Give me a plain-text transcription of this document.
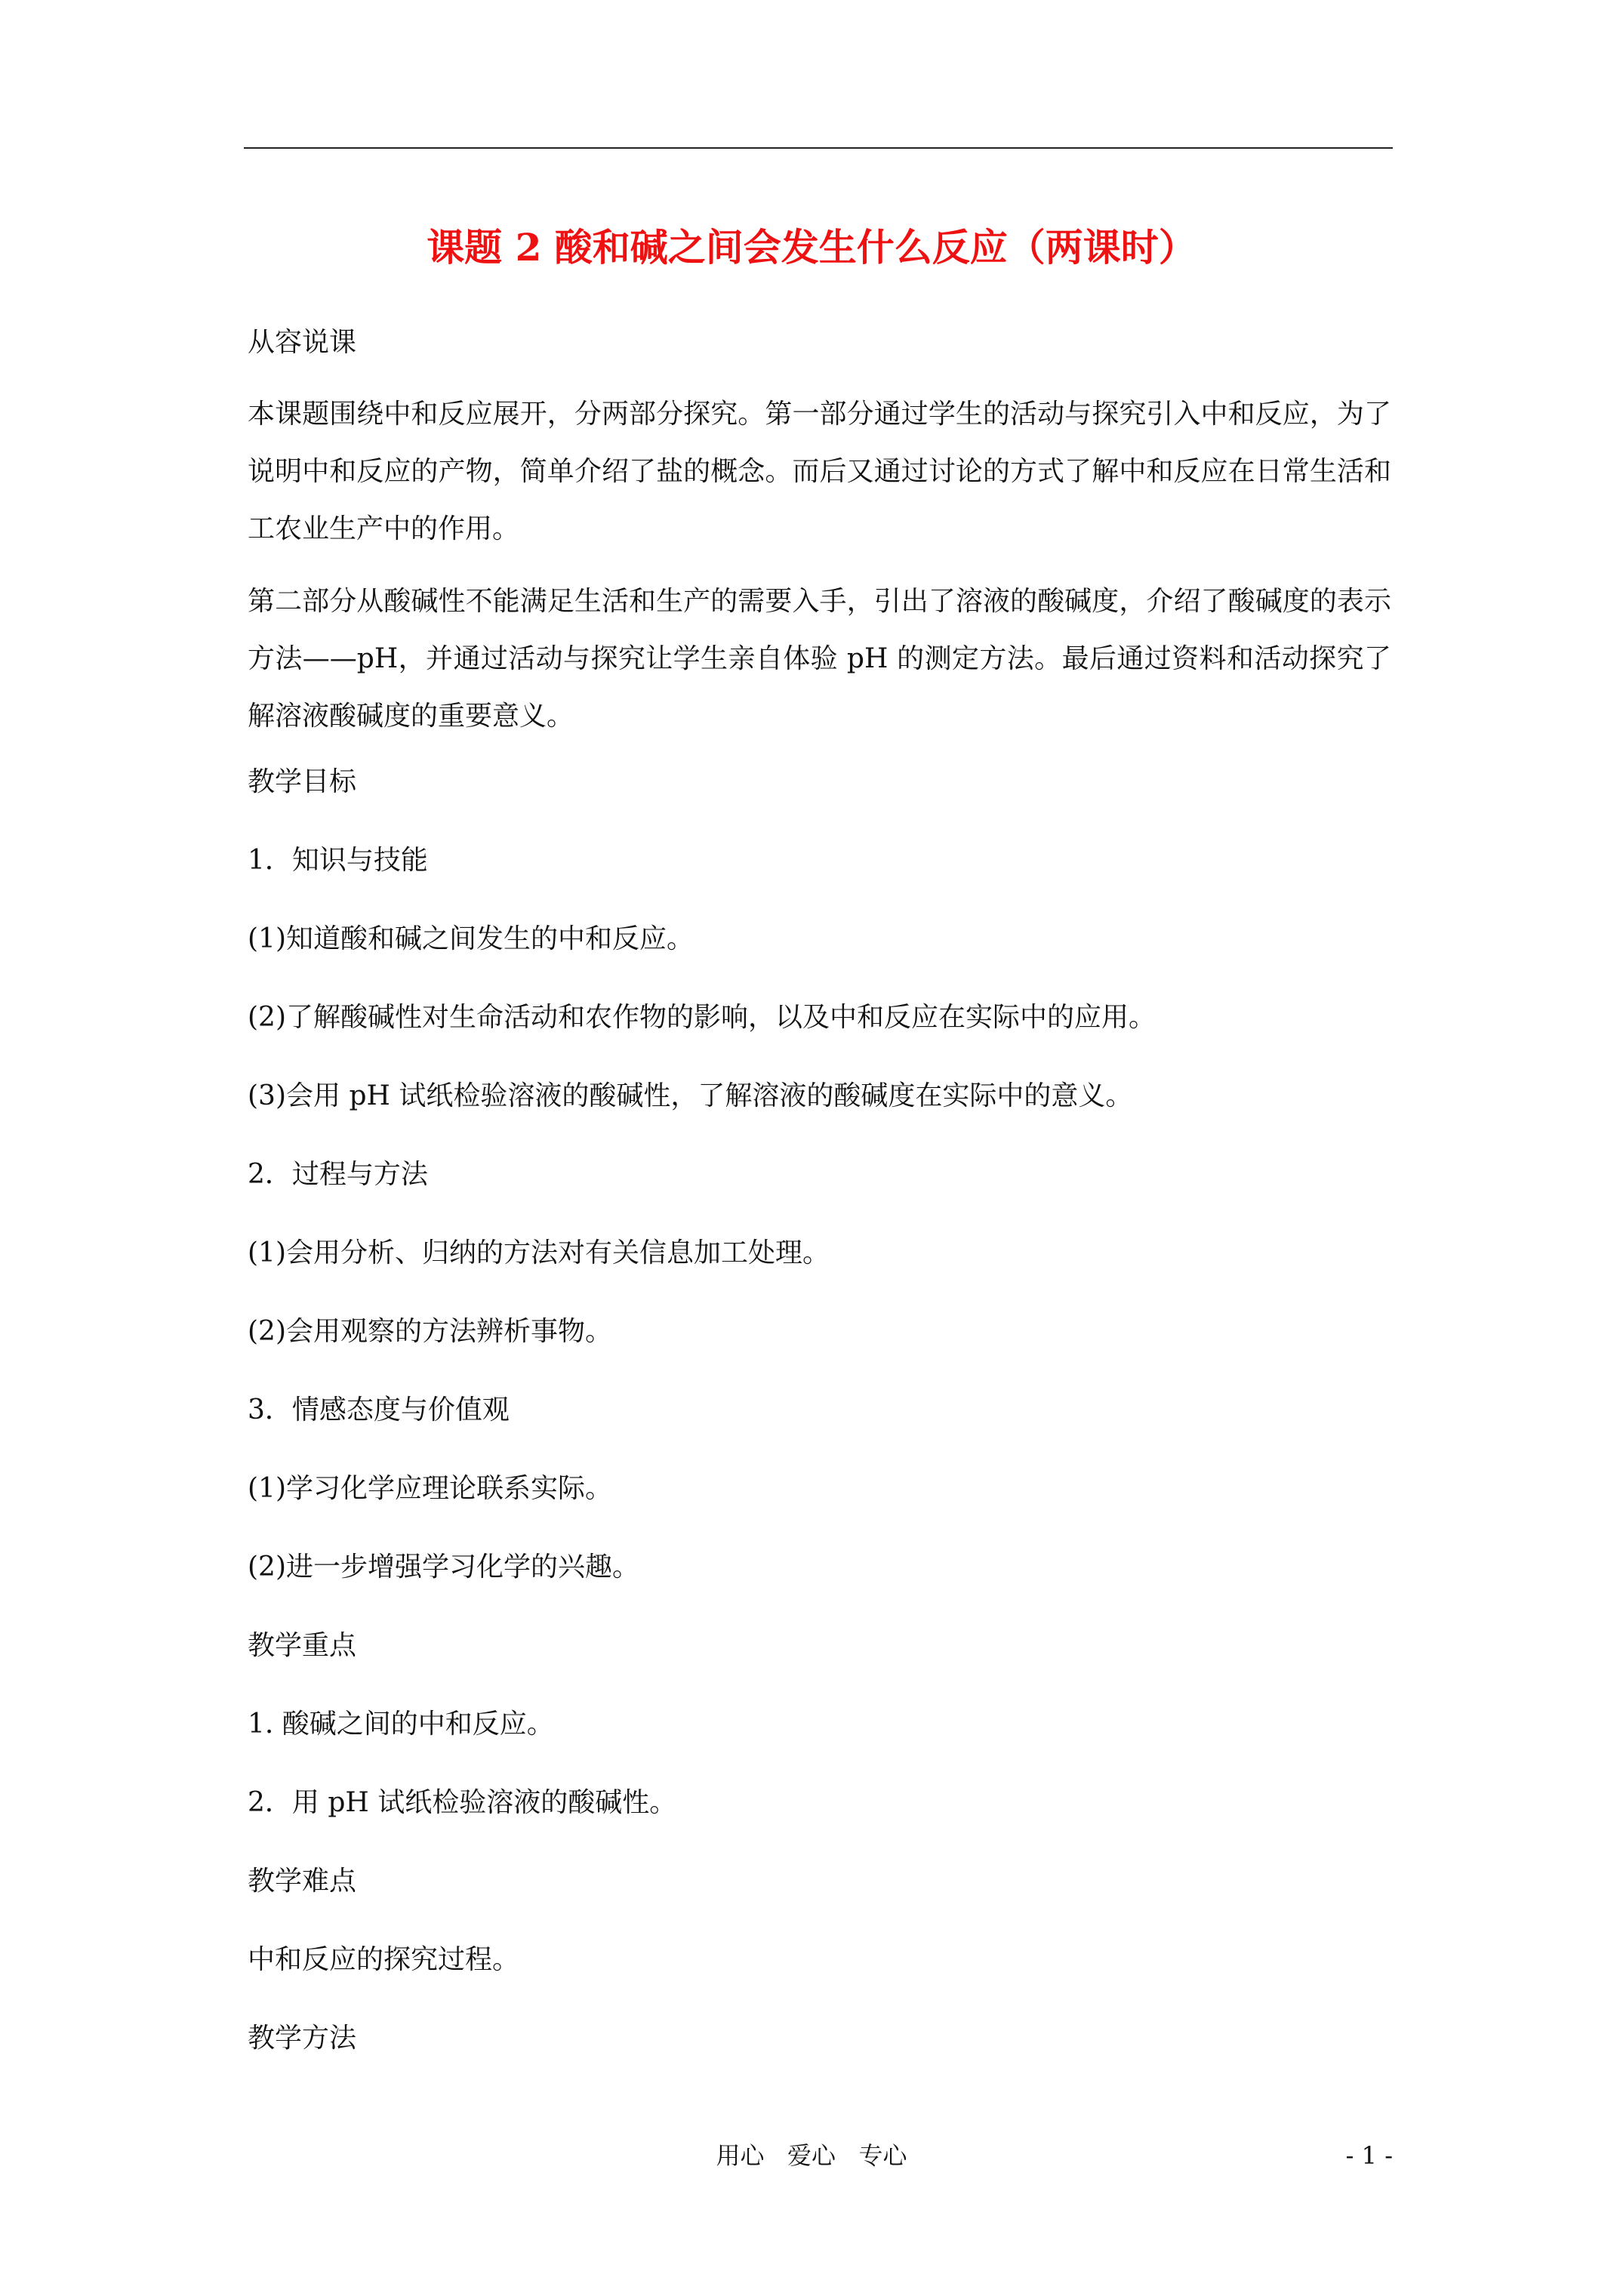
课题 2 酸和碱之间会发生什么反应（两课时）

从容说课

本课题围绕中和反应展开，分两部分探究。第一部分通过学生的活动与探究引入中和反应，为了说明中和反应的产物，简单介绍了盐的概念。而后又通过讨论的方式了解中和反应在日常生活和工农业生产中的作用。

第二部分从酸碱性不能满足生活和生产的需要入手，引出了溶液的酸碱度，介绍了酸碱度的表示方法——pH，并通过活动与探究让学生亲自体验 pH 的测定方法。最后通过资料和活动探究了解溶液酸碱度的重要意义。

教学目标

1．知识与技能

(1)知道酸和碱之间发生的中和反应。

(2)了解酸碱性对生命活动和农作物的影响，以及中和反应在实际中的应用。

(3)会用 pH 试纸检验溶液的酸碱性，了解溶液的酸碱度在实际中的意义。

2．过程与方法

(1)会用分析、归纳的方法对有关信息加工处理。

(2)会用观察的方法辨析事物。

3．情感态度与价值观

(1)学习化学应理论联系实际。

(2)进一步增强学习化学的兴趣。

教学重点

1. 酸碱之间的中和反应。

2．用 pH 试纸检验溶液的酸碱性。

教学难点

中和反应的探究过程。

教学方法

用心   爱心   专心	- 1 -
